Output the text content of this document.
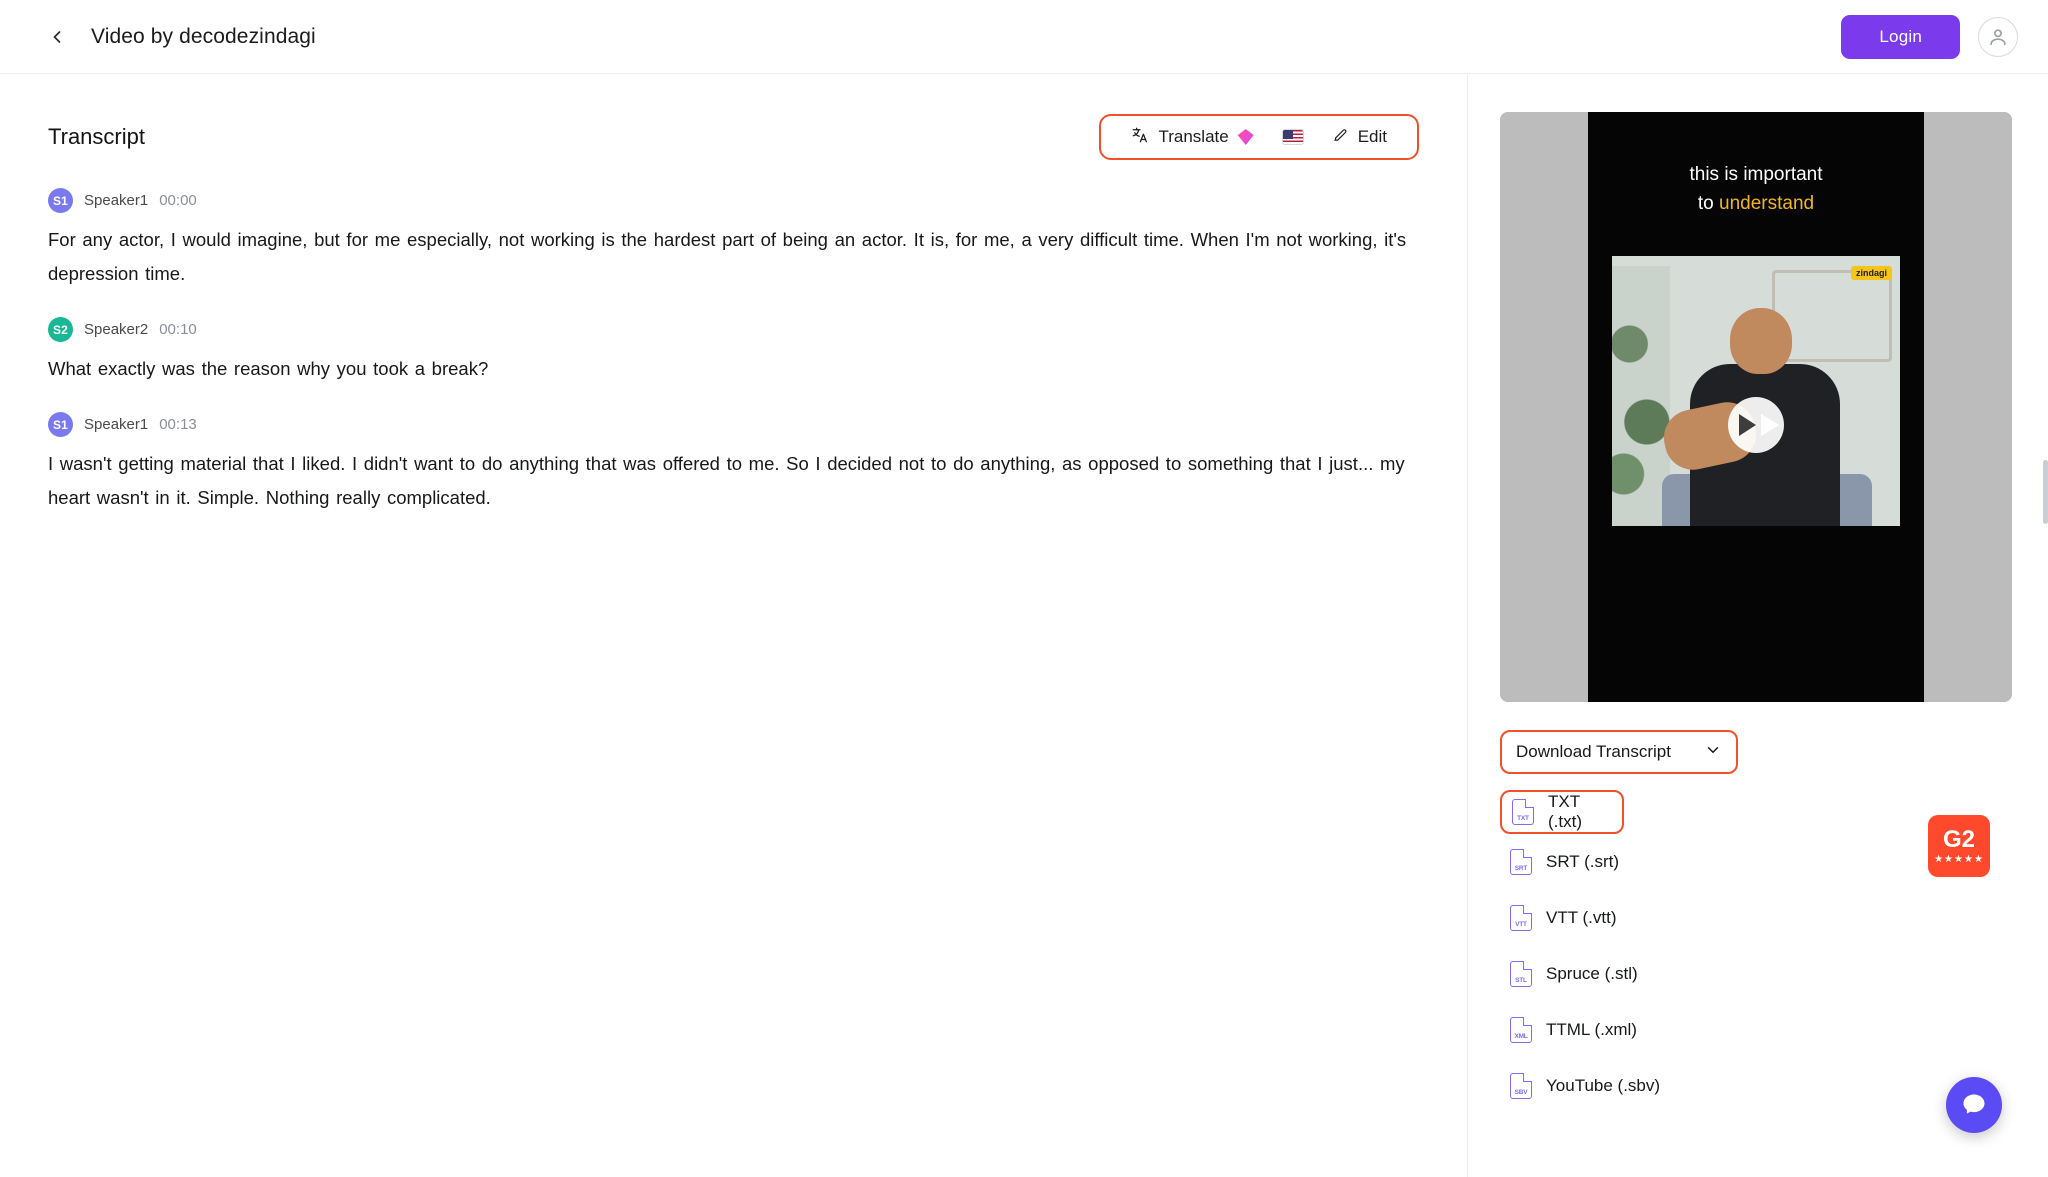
Video by decodezindagi	Login
Transcript	Translate	Edit
S1	Speaker1 00:00
For any actor, I would imagine, but for me especially, not working is the hardest part of being an actor. It is, for me, a very difficult time. When I'm not working, it's depression time.
S2	Speaker2 00:10
What exactly was the reason why you took a break?
S1	Speaker1 00:13
I wasn't getting material that I liked. I didn't want to do anything that was offered to me. So I decided not to do anything, as opposed to something that I just... my heart wasn't in it. Simple. Nothing really complicated.
this is important
to understand
zindagi
Download Transcript
TXT
TXT (.txt)
SRT SRT (.srt)
VTT VTT (.vtt)
STL Spruce (.stl)
XML TTML (.xml)
SBV YouTube (.sbv)
G2
★★★★★
